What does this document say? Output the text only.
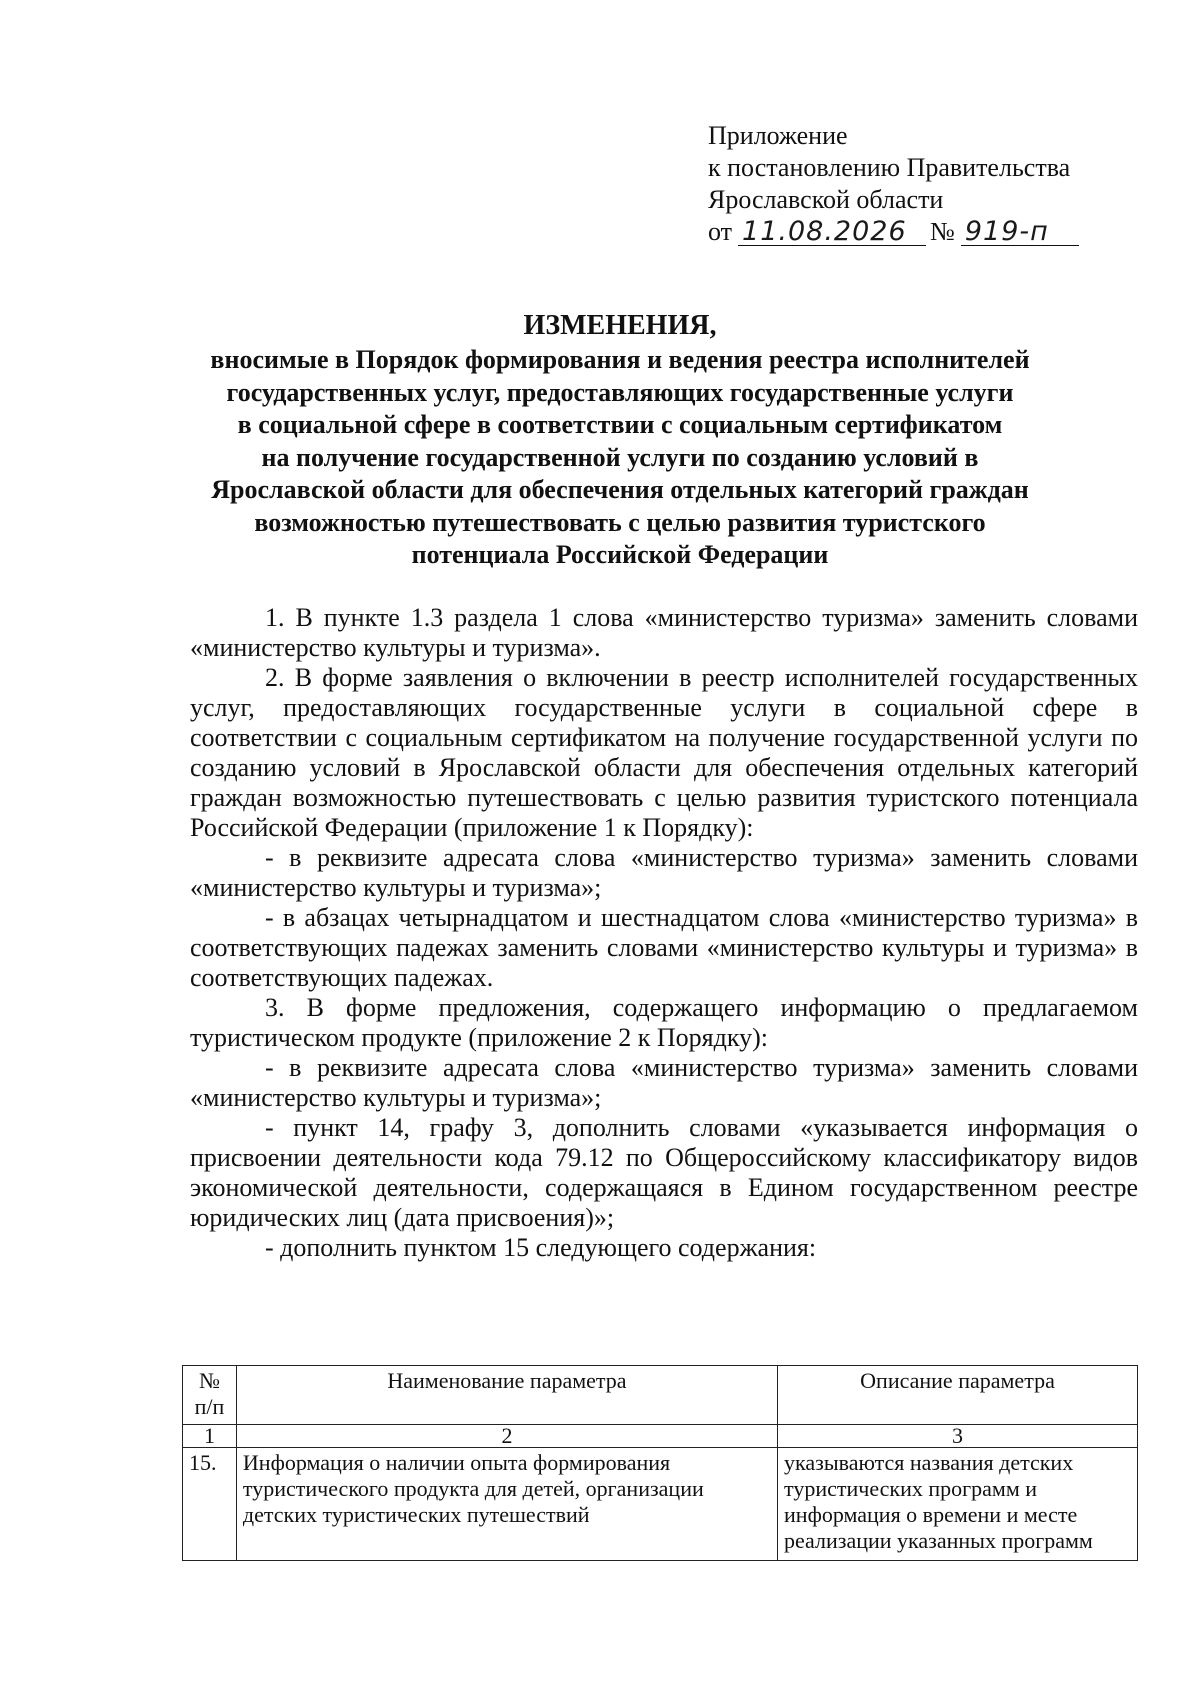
Приложение
к постановлению Правительства
Ярославской области
от 11.08.2026 № 919-п
ИЗМЕНЕНИЯ,
вносимые в Порядок формирования и ведения реестра исполнителей
государственных услуг, предоставляющих государственные услуги
в социальной сфере в соответствии с социальным сертификатом
на получение государственной услуги по созданию условий в
Ярославской области для обеспечения отдельных категорий граждан
возможностью путешествовать с целью развития туристского
потенциала Российской Федерации

1. В пункте 1.3 раздела 1 слова «министерство туризма» заменить словами «министерство культуры и туризма».

2. В форме заявления о включении в реестр исполнителей государственных услуг, предоставляющих государственные услуги в социальной сфере в соответствии с социальным сертификатом на получение государственной услуги по созданию условий в Ярославской области для обеспечения отдельных категорий граждан возможностью путешествовать с целью развития туристского потенциала Российской Федерации (приложение 1 к Порядку):

- в реквизите адресата слова «министерство туризма» заменить словами «министерство культуры и туризма»;

- в абзацах четырнадцатом и шестнадцатом слова «министерство туризма» в соответствующих падежах заменить словами «министерство культуры и туризма» в соответствующих падежах.

3. В форме предложения, содержащего информацию о предлагаемом туристическом продукте (приложение 2 к Порядку):

- в реквизите адресата слова «министерство туризма» заменить словами «министерство культуры и туризма»;

- пункт 14, графу 3, дополнить словами «указывается информация о присвоении деятельности кода 79.12 по Общероссийскому классификатору видов экономической деятельности, содержащаяся в Едином государственном реестре юридических лиц (дата присвоения)»;

- дополнить пунктом 15 следующего содержания:

№ п/п	Наименование параметра	Описание параметра
1	2	3
15.	Информация о наличии опыта формирования туристического продукта для детей, организации детских туристических путешествий	указываются названия детских туристических программ и информация о времени и месте реализации указанных программ
